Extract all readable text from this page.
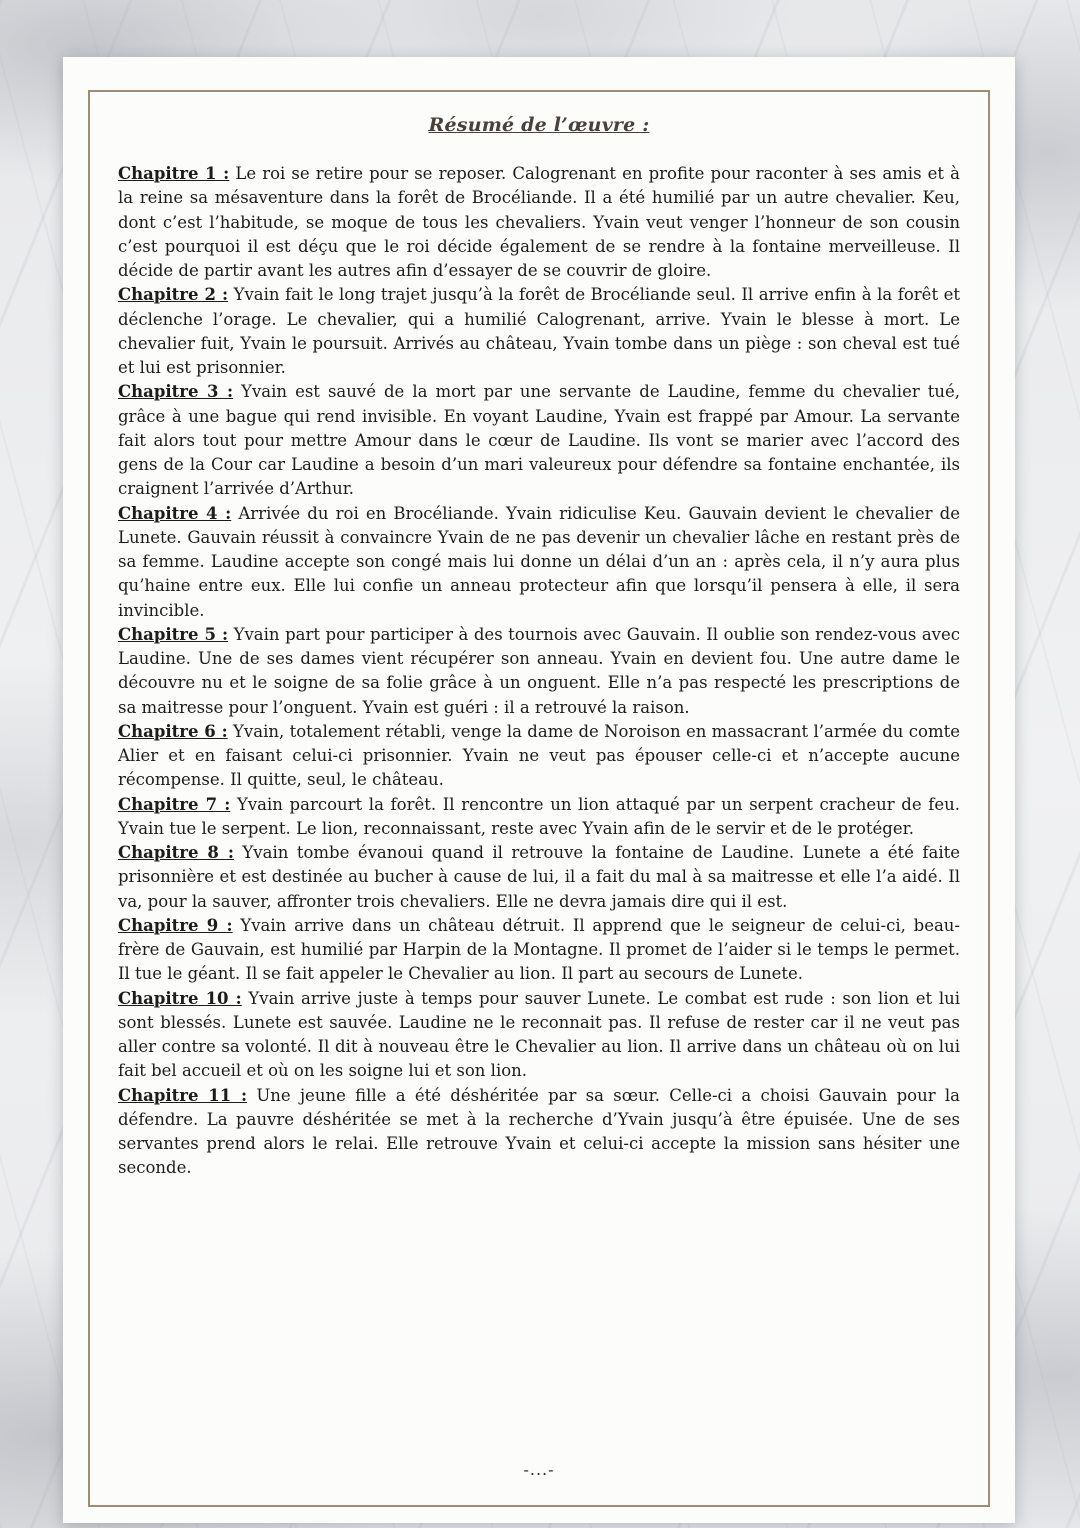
Résumé de l’œuvre :

Chapitre 1 : Le roi se retire pour se reposer. Calogrenant en profite pour raconter à ses amis et à la reine sa mésaventure dans la forêt de Brocéliande. Il a été humilié par un autre chevalier. Keu, dont c’est l’habitude, se moque de tous les chevaliers. Yvain veut venger l’honneur de son cousin c’est pourquoi il est déçu que le roi décide également de se rendre à la fontaine merveilleuse. Il décide de partir avant les autres afin d’essayer de se couvrir de gloire.

Chapitre 2 : Yvain fait le long trajet jusqu’à la forêt de Brocéliande seul. Il arrive enfin à la forêt et déclenche l’orage. Le chevalier, qui a humilié Calogrenant, arrive. Yvain le blesse à mort. Le chevalier fuit, Yvain le poursuit. Arrivés au château, Yvain tombe dans un piège : son cheval est tué et lui est prisonnier.

Chapitre 3 : Yvain est sauvé de la mort par une servante de Laudine, femme du chevalier tué, grâce à une bague qui rend invisible. En voyant Laudine, Yvain est frappé par Amour. La servante fait alors tout pour mettre Amour dans le cœur de Laudine. Ils vont se marier avec l’accord des gens de la Cour car Laudine a besoin d’un mari valeureux pour défendre sa fontaine enchantée, ils craignent l’arrivée d’Arthur.

Chapitre 4 : Arrivée du roi en Brocéliande. Yvain ridiculise Keu. Gauvain devient le chevalier de Lunete. Gauvain réussit à convaincre Yvain de ne pas devenir un chevalier lâche en restant près de sa femme. Laudine accepte son congé mais lui donne un délai d’un an : après cela, il n’y aura plus qu’haine entre eux. Elle lui confie un anneau protecteur afin que lorsqu’il pensera à elle, il sera invincible.

Chapitre 5 : Yvain part pour participer à des tournois avec Gauvain. Il oublie son rendez-vous avec Laudine. Une de ses dames vient récupérer son anneau. Yvain en devient fou. Une autre dame le découvre nu et le soigne de sa folie grâce à un onguent. Elle n’a pas respecté les prescriptions de sa maitresse pour l’onguent. Yvain est guéri : il a retrouvé la raison.

Chapitre 6 : Yvain, totalement rétabli, venge la dame de Noroison en massacrant l’armée du comte Alier et en faisant celui-ci prisonnier. Yvain ne veut pas épouser celle-ci et n’accepte aucune récompense. Il quitte, seul, le château.

Chapitre 7 : Yvain parcourt la forêt. Il rencontre un lion attaqué par un serpent cracheur de feu. Yvain tue le serpent. Le lion, reconnaissant, reste avec Yvain afin de le servir et de le protéger.

Chapitre 8 : Yvain tombe évanoui quand il retrouve la fontaine de Laudine. Lunete a été faite prisonnière et est destinée au bucher à cause de lui, il a fait du mal à sa maitresse et elle l’a aidé. Il va, pour la sauver, affronter trois chevaliers. Elle ne devra jamais dire qui il est.

Chapitre 9 : Yvain arrive dans un château détruit. Il apprend que le seigneur de celui-ci, beau-frère de Gauvain, est humilié par Harpin de la Montagne. Il promet de l’aider si le temps le permet. Il tue le géant. Il se fait appeler le Chevalier au lion. Il part au secours de Lunete.

Chapitre 10 : Yvain arrive juste à temps pour sauver Lunete. Le combat est rude : son lion et lui sont blessés. Lunete est sauvée. Laudine ne le reconnait pas. Il refuse de rester car il ne veut pas aller contre sa volonté. Il dit à nouveau être le Chevalier au lion. Il arrive dans un château où on lui fait bel accueil et où on les soigne lui et son lion.

Chapitre 11 : Une jeune fille a été déshéritée par sa sœur. Celle-ci a choisi Gauvain pour la défendre. La pauvre déshéritée se met à la recherche d’Yvain jusqu’à être épuisée. Une de ses servantes prend alors le relai. Elle retrouve Yvain et celui-ci accepte la mission sans hésiter une seconde.

-...-
